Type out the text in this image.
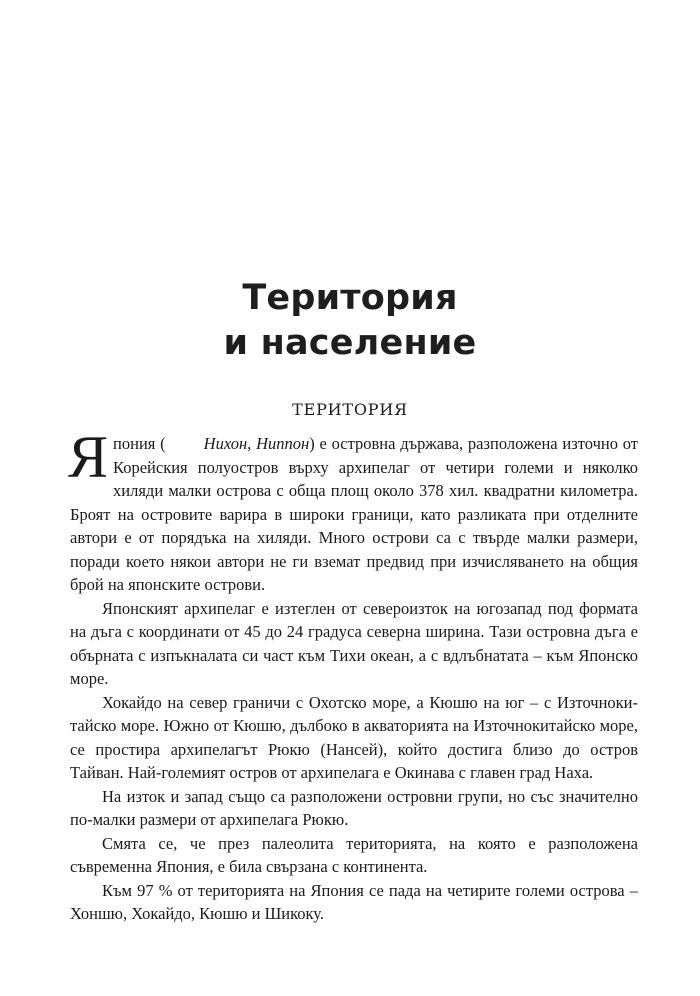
Територия
и население
ТЕРИТОРИЯ

Япония ( Нихон, Ниппон) е островна държава, разположена източно от Корейския полуостров върху архипелаг от четири големи и няколко хиляди малки острова с обща площ около 378 хил. квадратни километра. Броят на островите варира в широки граници, като разликата при отделните автори е от порядъка на хиляди. Много острови са с твърде малки размери, поради което някои автори не ги вземат предвид при изчисляването на общия брой на японските острови.

Японският архипелаг е изтеглен от североизток на югозапад под формата на дъга с координати от 45 до 24 градуса северна ширина. Тази островна дъга е обърната с изпъкналата си част към Тихи океан, а с вдлъбнатата – към Японско море.

Хокайдо на север граничи с Охотско море, а Кюшю на юг – с Източноки-тайско море. Южно от Кюшю, дълбоко в акваторията на Източнокитайско море, се простира архипелагът Рюкю (Нансей), който достига близо до остров Тайван. Най-големият остров от архипелага е Окинава с главен град Наха.

На изток и запад също са разположени островни групи, но със значително по-малки размери от архипелага Рюкю.

Смята се, че през палеолита територията, на която е разположена съвременна Япония, е била свързана с континента.

Към 97 % от територията на Япония се пада на четирите големи острова – Хоншю, Хокайдо, Кюшю и Шикоку.
